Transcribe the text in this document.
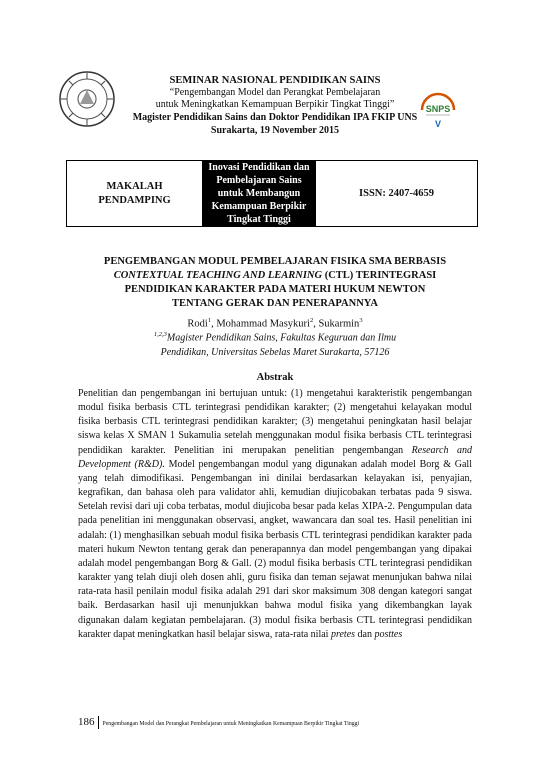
SEMINAR NASIONAL PENDIDIKAN SAINS
“Pengembangan Model dan Perangkat Pembelajaran
untuk Meningkatkan Kemampuan Berpikir Tingkat Tinggi”
Magister Pendidikan Sains dan Doktor Pendidikan IPA FKIP UNS
Surakarta, 19 November 2015
SNPS
V
MAKALAH PENDAMPING
Inovasi Pendidikan dan
Pembelajaran Sains
untuk Membangun
Kemampuan Berpikir
Tingkat Tinggi
ISSN: 2407-4659
PENGEMBANGAN MODUL PEMBELAJARAN FISIKA SMA BERBASIS
CONTEXTUAL TEACHING AND LEARNING (CTL) TERINTEGRASI
PENDIDIKAN KARAKTER PADA MATERI HUKUM NEWTON
TENTANG GERAK DAN PENERAPANNYA
Rodi$^1$, Mohammad Masykuri$^2$, Sukarmin$^3$
$^{1,2,3}$Magister Pendidikan Sains, Fakultas Keguruan dan Ilmu
Pendidikan, Universitas Sebelas Maret Surakarta, 57126
Abstrak

Penelitian dan pengembangan ini bertujuan untuk: (1) mengetahui karakteristik pengembangan modul fisika berbasis CTL terintegrasi pendidikan karakter; (2) mengetahui kelayakan modul fisika berbasis CTL terintegrasi pendidikan karakter; (3) mengetahui peningkatan hasil belajar siswa kelas X SMAN 1 Sukamulia setelah menggunakan modul fisika berbasis CTL terintegrasi pendidikan karakter. Penelitian ini merupakan penelitian pengembangan Research and Development (R&D). Model pengembangan modul yang digunakan adalah model Borg & Gall yang telah dimodifikasi. Pengembangan ini dinilai berdasarkan kelayakan isi, penyajian, kegrafikan, dan bahasa oleh para validator ahli, kemudian diujicobakan terbatas pada 9 siswa. Setelah revisi dari uji coba terbatas, modul diujicoba besar pada kelas XIPA-2. Pengumpulan data pada penelitian ini menggunakan observasi, angket, wawancara dan soal tes. Hasil penelitian ini adalah: (1) menghasilkan sebuah modul fisika berbasis CTL terintegrasi pendidikan karakter pada materi hukum Newton tentang gerak dan penerapannya dan model pengembangan yang dipakai adalah model pengembangan Borg & Gall. (2) modul fisika berbasis CTL terintegrasi pendidikan karakter yang telah diuji oleh dosen ahli, guru fisika dan teman sejawat menunjukan bahwa nilai rata-rata hasil penilain modul fisika adalah 291 dari skor maksimum 308 dengan kategori sangat baik. Berdasarkan hasil uji menunjukkan bahwa modul fisika yang dikembangkan layak digunakan dalam kegiatan pembelajaran. (3) modul fisika berbasis CTL terintegrasi pendidikan karakter dapat meningkatkan hasil belajar siswa, rata-rata nilai pretes dan posttes

186	Pengembangan Model dan Perangkat Pembelajaran untuk Meningkatkan Kemampuan Berpikir Tingkat Tinggi
